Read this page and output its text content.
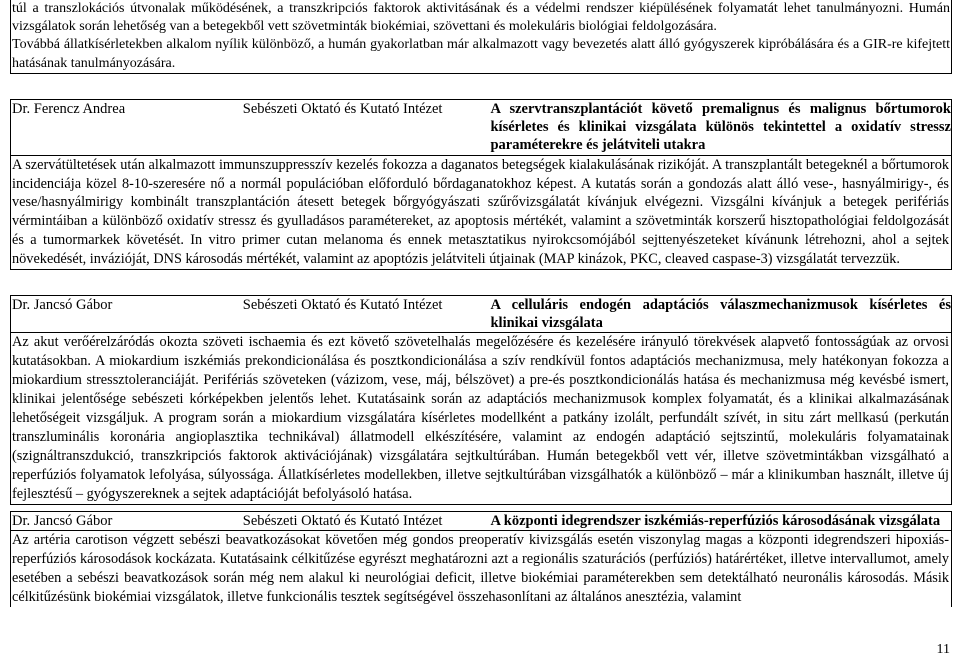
túl a transzlokációs útvonalak működésének, a transzkripciós faktorok aktivitásának és a védelmi rendszer kiépülésének folyamatát lehet tanulmányozni. Humán vizsgálatok során lehetőség van a betegekből vett szövetminták biokémiai, szövettani és molekuláris biológiai feldolgozására.

Továbbá állatkísérletekben alkalom nyílik különböző, a humán gyakorlatban már alkalmazott vagy bevezetés alatt álló gyógyszerek kipróbálására és a GIR-re kifejtett hatásának tanulmányozására.

Dr. Ferencz Andrea	Sebészeti Oktató és Kutató Intézet	A szervtranszplantációt követő premalignus és malignus bőrtumorok kísérletes és klinikai vizsgálata különös tekintettel a oxidatív stressz paraméterekre és jelátviteli utakra
A szervátültetések után alkalmazott immunszuppresszív kezelés fokozza a daganatos betegségek kialakulásának rizikóját. A transzplantált betegeknél a bőrtumorok incidenciája közel 8-10-szeresére nő a normál populációban előforduló bőrdaganatokhoz képest. A kutatás során a gondozás alatt álló vese-, hasnyálmirigy-, és vese/hasnyálmirigy kombinált transzplantáción átesett betegek bőrgyógyászati szűrővizsgálatát kívánjuk elvégezni. Vizsgálni kívánjuk a betegek perifériás vérmintáiban a különböző oxidatív stressz és gyulladásos paramétereket, az apoptosis mértékét, valamint a szövetminták korszerű hisztopathológiai feldolgozását és a tumormarkek követését. In vitro primer cutan melanoma és ennek metasztatikus nyirokcsomójából sejttenyészeteket kívánunk létrehozni, ahol a sejtek növekedését, invázióját, DNS károsodás mértékét, valamint az apoptózis jelátviteli útjainak (MAP kinázok, PKC, cleaved caspase-3) vizsgálatát tervezzük.
Dr. Jancsó Gábor	Sebészeti Oktató és Kutató Intézet	A celluláris endogén adaptációs válaszmechanizmusok kísérletes és klinikai vizsgálata
Az akut verőérelzáródás okozta szöveti ischaemia és ezt követő szövetelhalás megelőzésére és kezelésére irányuló törekvések alapvető fontosságúak az orvosi kutatásokban. A miokardium iszkémiás prekondicionálása és posztkondicionálása a szív rendkívül fontos adaptációs mechanizmusa, mely hatékonyan fokozza a miokardium stressztoleranciáját. Perifériás szöveteken (vázizom, vese, máj, bélszövet) a pre-és posztkondicionálás hatása és mechanizmusa még kevésbé ismert, klinikai jelentősége sebészeti kórképekben jelentős lehet. Kutatásaink során az adaptációs mechanizmusok komplex folyamatát, és a klinikai alkalmazásának lehetőségeit vizsgáljuk. A program során a miokardium vizsgálatára kísérletes modellként a patkány izolált, perfundált szívét, in situ zárt mellkasú (perkután transzluminális koronária angioplasztika technikával) állatmodell elkészítésére, valamint az endogén adaptáció sejtszintű, molekuláris folyamatainak (szignáltranszdukció, transzkripciós faktorok aktivációjának) vizsgálatára sejtkultúrában. Humán betegekből vett vér, illetve szövetmintákban vizsgálható a reperfúziós folyamatok lefolyása, súlyossága. Állatkísérletes modellekben, illetve sejtkultúrában vizsgálhatók a különböző – már a klinikumban használt, illetve új fejlesztésű – gyógyszereknek a sejtek adaptációját befolyásoló hatása.
Dr. Jancsó Gábor	Sebészeti Oktató és Kutató Intézet	A központi idegrendszer iszkémiás-reperfúziós károsodásának vizsgálata
Az artéria carotison végzett sebészi beavatkozásokat követően még gondos preoperatív kivizsgálás esetén viszonylag magas a központi idegrendszeri hipoxiás-reperfúziós károsodások kockázata. Kutatásaink célkitűzése egyrészt meghatározni azt a regionális szaturációs (perfúziós) határértéket, illetve intervallumot, amely esetében a sebészi beavatkozások során még nem alakul ki neurológiai deficit, illetve biokémiai paraméterekben sem detektálható neuronális károsodás. Másik célkitűzésünk biokémiai vizsgálatok, illetve funkcionális tesztek segítségével összehasonlítani az általános anesztézia, valamint
11
